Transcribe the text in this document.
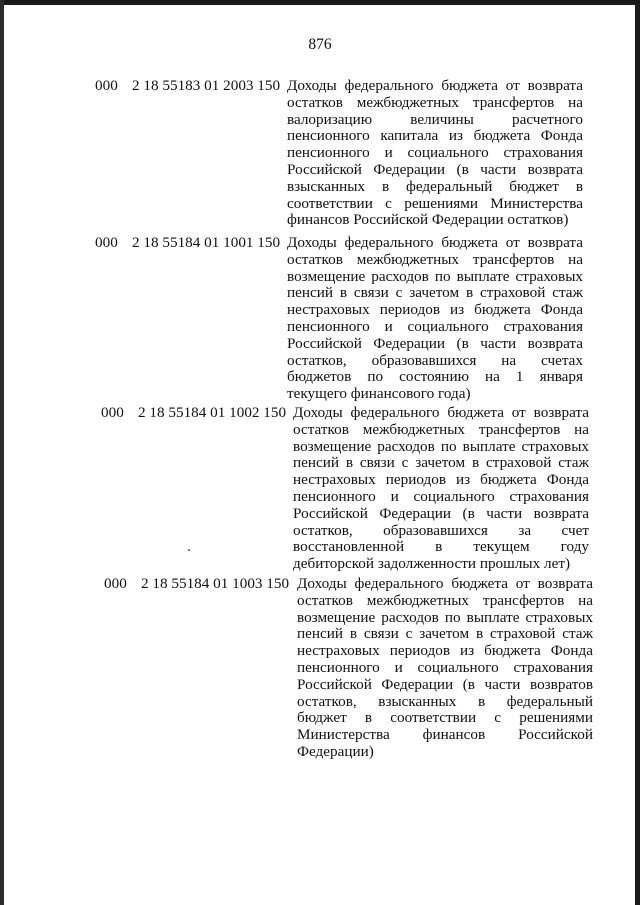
876
000 2 18 55183 01 2003 150 Доходы федерального бюджета от возврата остатков межбюджетных трансфертов на валоризацию величины расчетного пенсионного капитала из бюджета Фонда пенсионного и социального страхования Российской Федерации (в части возврата взысканных в федеральный бюджет в соответствии с решениями Министерства финансов Российской Федерации остатков)
000 2 18 55184 01 1001 150 Доходы федерального бюджета от возврата остатков межбюджетных трансфертов на возмещение расходов по выплате страховых пенсий в связи с зачетом в страховой стаж нестраховых периодов из бюджета Фонда пенсионного и социального страхования Российской Федерации (в части возврата остатков, образовавшихся на счетах бюджетов по состоянию на 1 января текущего финансового года)
000 2 18 55184 01 1002 150 Доходы федерального бюджета от возврата остатков межбюджетных трансфертов на возмещение расходов по выплате страховых пенсий в связи с зачетом в страховой стаж нестраховых периодов из бюджета Фонда пенсионного и социального страхования Российской Федерации (в части возврата остатков, образовавшихся за счет восстановленной в текущем году дебиторской задолженности прошлых лет)
000 2 18 55184 01 1003 150 Доходы федерального бюджета от возврата остатков межбюджетных трансфертов на возмещение расходов по выплате страховых пенсий в связи с зачетом в страховой стаж нестраховых периодов из бюджета Фонда пенсионного и социального страхования Российской Федерации (в части возвратов остатков, взысканных в федеральный бюджет в соответствии с решениями Министерства финансов Российской Федерации)
